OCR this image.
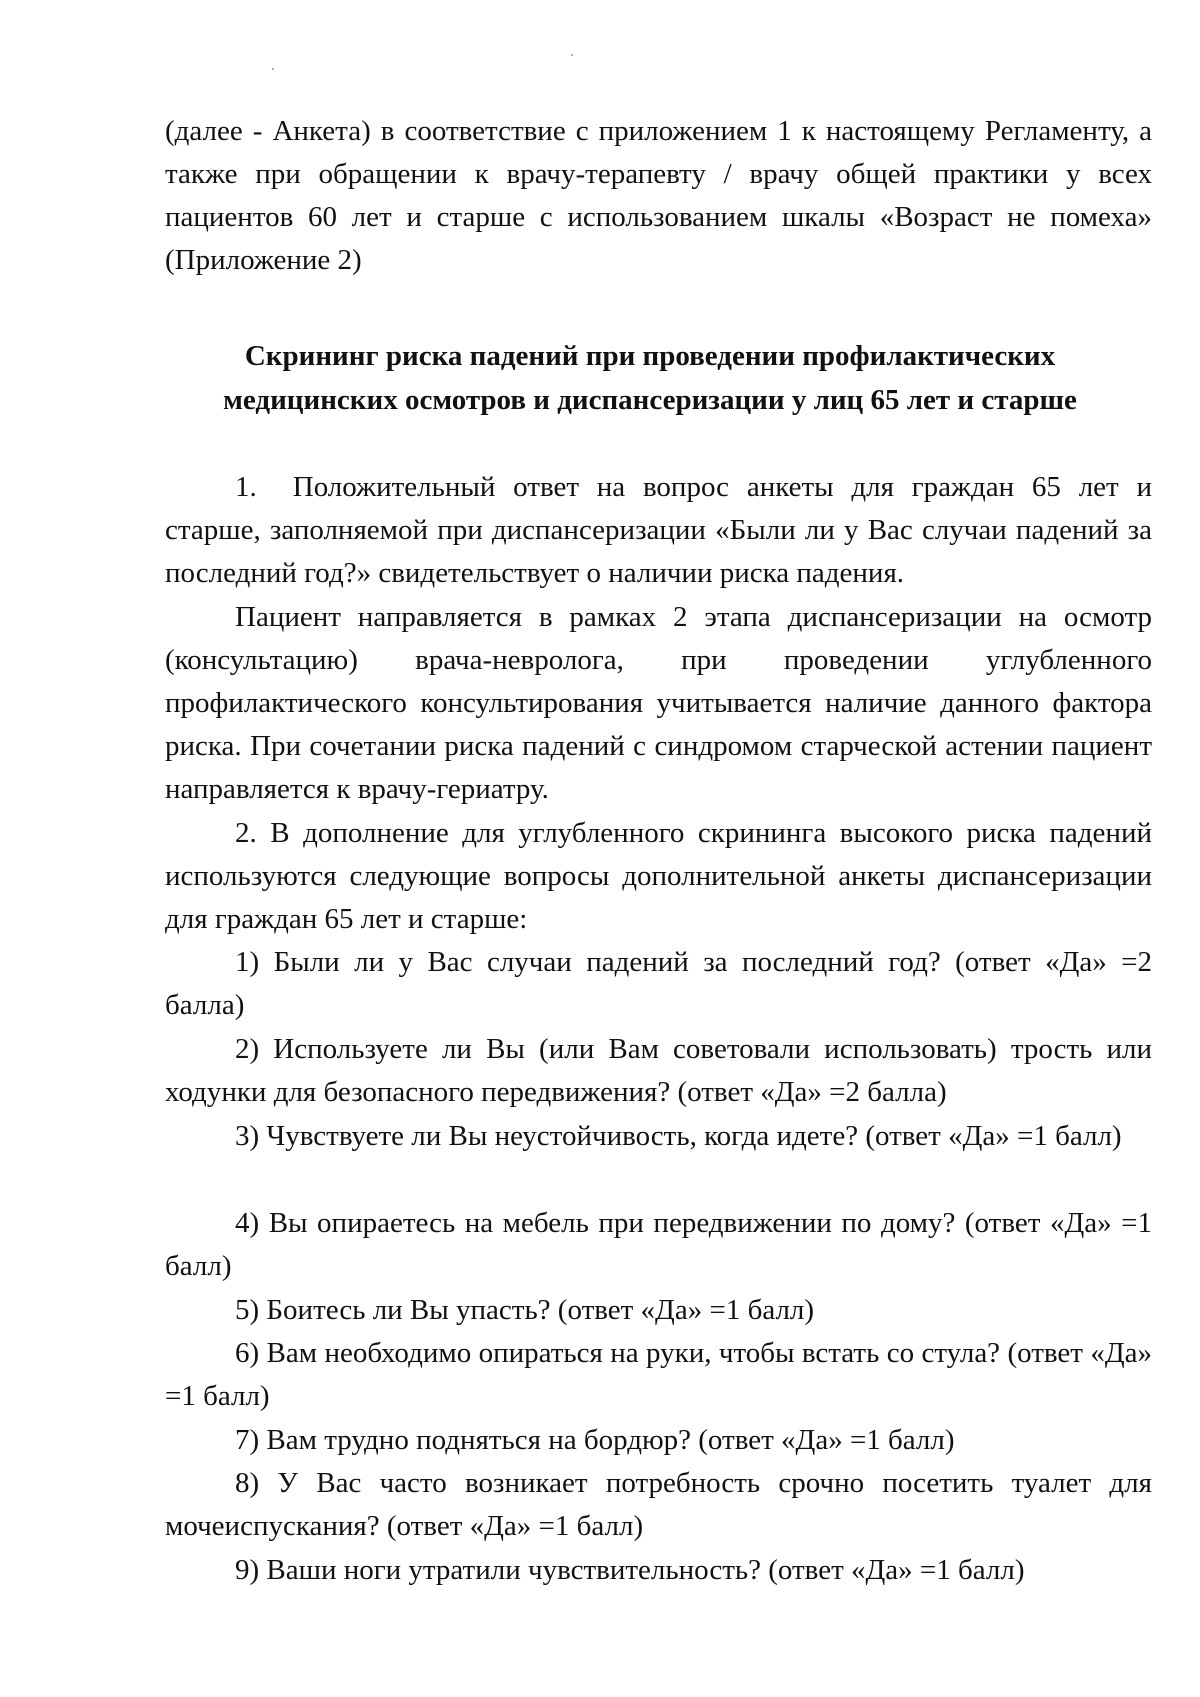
(далее - Анкета) в соответствие с приложением 1 к настоящему Регламенту, а также при обращении к врачу-терапевту / врачу общей практики у всех пациентов 60 лет и старше с использованием шкалы «Возраст не помеха» (Приложение 2)

Скрининг риска падений при проведении профилактических
медицинских осмотров и диспансеризации у лиц 65 лет и старше

1. Положительный ответ на вопрос анкеты для граждан 65 лет и старше, заполняемой при диспансеризации «Были ли у Вас случаи падений за последний год?» свидетельствует о наличии риска падения.

Пациент направляется в рамках 2 этапа диспансеризации на осмотр (консультацию) врача-невролога, при проведении углубленного профилактического консультирования учитывается наличие данного фактора риска. При сочетании риска падений с синдромом старческой астении пациент направляется к врачу-гериатру.

2. В дополнение для углубленного скрининга высокого риска падений используются следующие вопросы дополнительной анкеты диспансеризации для граждан 65 лет и старше:

1) Были ли у Вас случаи падений за последний год? (ответ «Да» =2 балла)

2) Используете ли Вы (или Вам советовали использовать) трость или ходунки для безопасного передвижения? (ответ «Да» =2 балла)

3) Чувствуете ли Вы неустойчивость, когда идете? (ответ «Да» =1 балл)

4) Вы опираетесь на мебель при передвижении по дому? (ответ «Да» =1 балл)

5) Боитесь ли Вы упасть? (ответ «Да» =1 балл)

6) Вам необходимо опираться на руки, чтобы встать со стула? (ответ «Да» =1 балл)

7) Вам трудно подняться на бордюр? (ответ «Да» =1 балл)

8) У Вас часто возникает потребность срочно посетить туалет для мочеиспускания? (ответ «Да» =1 балл)

9) Ваши ноги утратили чувствительность? (ответ «Да» =1 балл)
